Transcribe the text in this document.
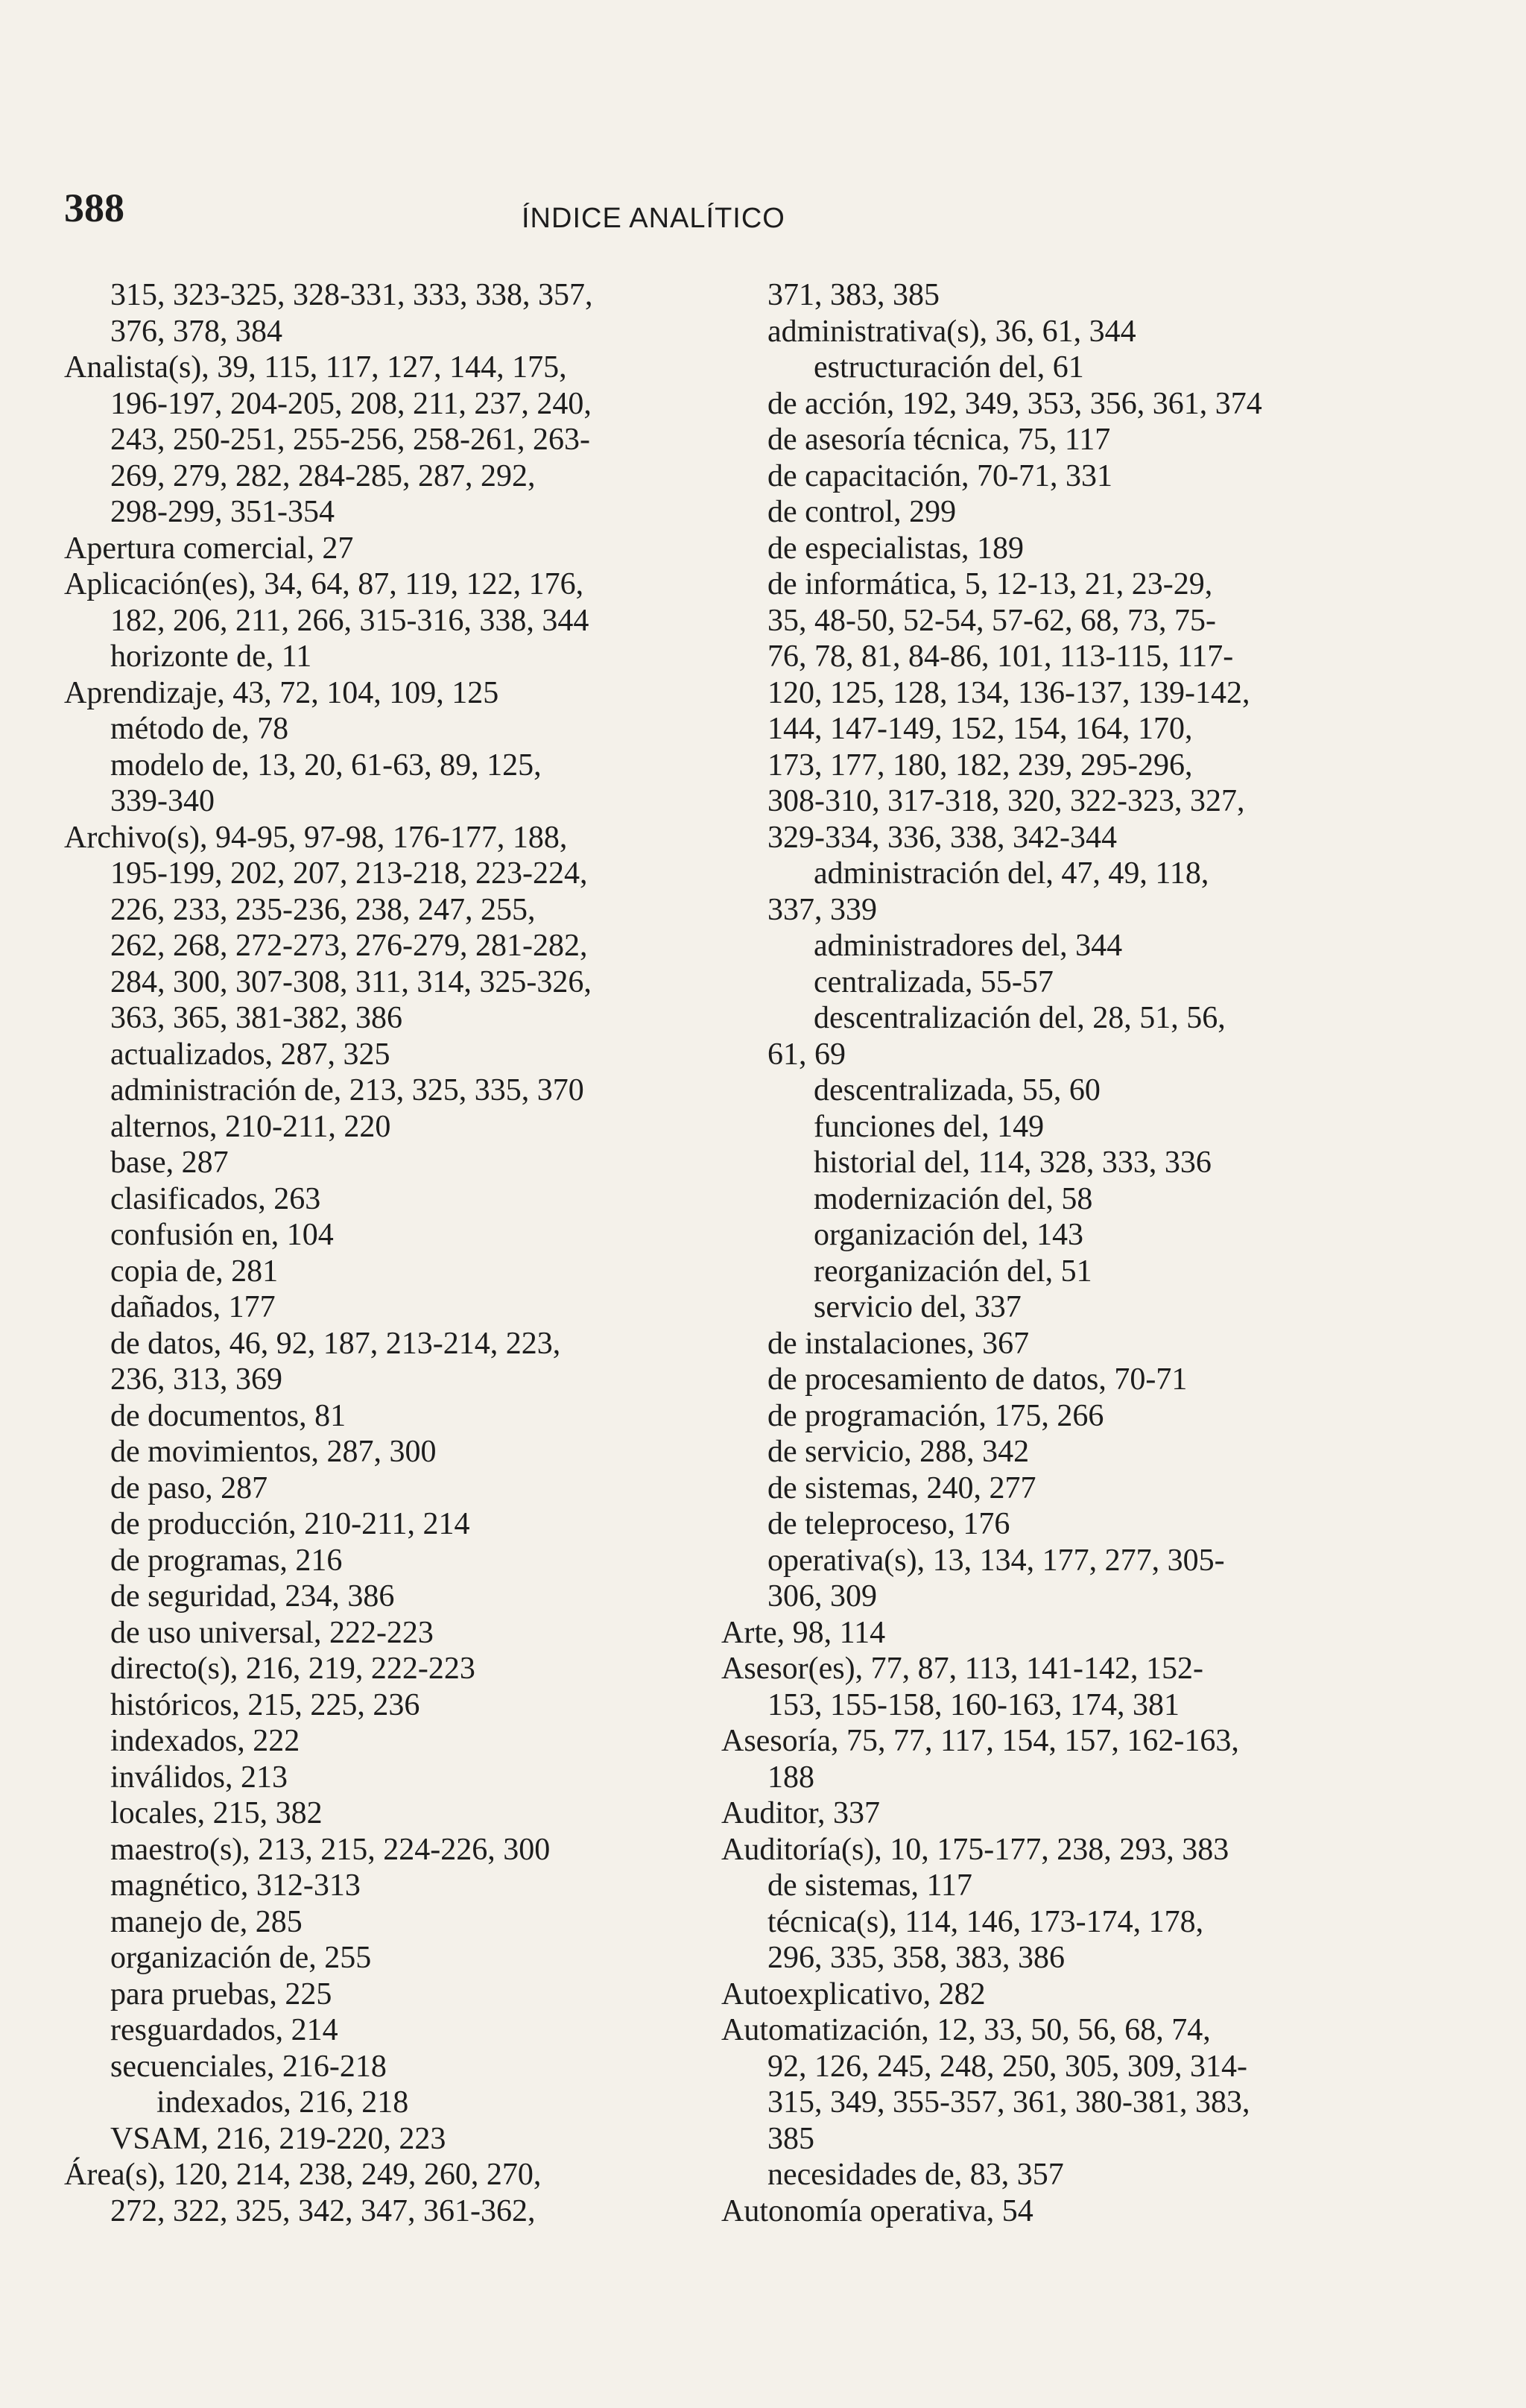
388	ÍNDICE ANALÍTICO
315, 323-325, 328-331, 333, 338, 357,
376, 378, 384
Analista(s), 39, 115, 117, 127, 144, 175,
196-197, 204-205, 208, 211, 237, 240,
243, 250-251, 255-256, 258-261, 263-
269, 279, 282, 284-285, 287, 292,
298-299, 351-354
Apertura comercial, 27
Aplicación(es), 34, 64, 87, 119, 122, 176,
182, 206, 211, 266, 315-316, 338, 344
horizonte de, 11
Aprendizaje, 43, 72, 104, 109, 125
método de, 78
modelo de, 13, 20, 61-63, 89, 125,
339-340
Archivo(s), 94-95, 97-98, 176-177, 188,
195-199, 202, 207, 213-218, 223-224,
226, 233, 235-236, 238, 247, 255,
262, 268, 272-273, 276-279, 281-282,
284, 300, 307-308, 311, 314, 325-326,
363, 365, 381-382, 386
actualizados, 287, 325
administración de, 213, 325, 335, 370
alternos, 210-211, 220
base, 287
clasificados, 263
confusión en, 104
copia de, 281
dañados, 177
de datos, 46, 92, 187, 213-214, 223,
236, 313, 369
de documentos, 81
de movimientos, 287, 300
de paso, 287
de producción, 210-211, 214
de programas, 216
de seguridad, 234, 386
de uso universal, 222-223
directo(s), 216, 219, 222-223
históricos, 215, 225, 236
indexados, 222
inválidos, 213
locales, 215, 382
maestro(s), 213, 215, 224-226, 300
magnético, 312-313
manejo de, 285
organización de, 255
para pruebas, 225
resguardados, 214
secuenciales, 216-218
indexados, 216, 218
VSAM, 216, 219-220, 223
Área(s), 120, 214, 238, 249, 260, 270,
272, 322, 325, 342, 347, 361-362,
371, 383, 385
administrativa(s), 36, 61, 344
estructuración del, 61
de acción, 192, 349, 353, 356, 361, 374
de asesoría técnica, 75, 117
de capacitación, 70-71, 331
de control, 299
de especialistas, 189
de informática, 5, 12-13, 21, 23-29,
35, 48-50, 52-54, 57-62, 68, 73, 75-
76, 78, 81, 84-86, 101, 113-115, 117-
120, 125, 128, 134, 136-137, 139-142,
144, 147-149, 152, 154, 164, 170,
173, 177, 180, 182, 239, 295-296,
308-310, 317-318, 320, 322-323, 327,
329-334, 336, 338, 342-344
administración del, 47, 49, 118,
337, 339
administradores del, 344
centralizada, 55-57
descentralización del, 28, 51, 56,
61, 69
descentralizada, 55, 60
funciones del, 149
historial del, 114, 328, 333, 336
modernización del, 58
organización del, 143
reorganización del, 51
servicio del, 337
de instalaciones, 367
de procesamiento de datos, 70-71
de programación, 175, 266
de servicio, 288, 342
de sistemas, 240, 277
de teleproceso, 176
operativa(s), 13, 134, 177, 277, 305-
306, 309
Arte, 98, 114
Asesor(es), 77, 87, 113, 141-142, 152-
153, 155-158, 160-163, 174, 381
Asesoría, 75, 77, 117, 154, 157, 162-163,
188
Auditor, 337
Auditoría(s), 10, 175-177, 238, 293, 383
de sistemas, 117
técnica(s), 114, 146, 173-174, 178,
296, 335, 358, 383, 386
Autoexplicativo, 282
Automatización, 12, 33, 50, 56, 68, 74,
92, 126, 245, 248, 250, 305, 309, 314-
315, 349, 355-357, 361, 380-381, 383,
385
necesidades de, 83, 357
Autonomía operativa, 54
